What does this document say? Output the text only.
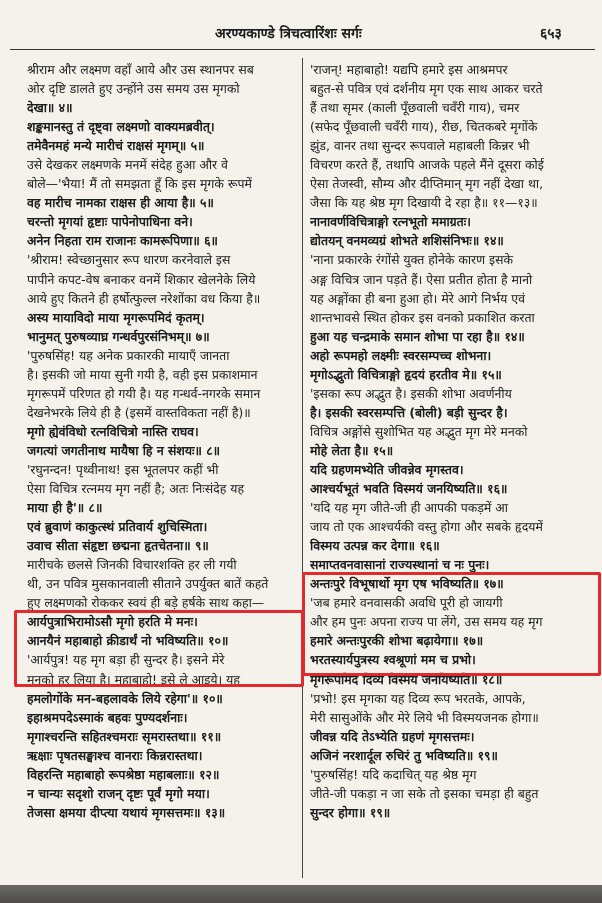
अरण्यकाण्डे त्रिचत्वारिंशः सर्गः	६५३

श्रीराम और लक्ष्मण वहाँ आये और उस स्थानपर सब

ओर दृष्टि डालते हुए उन्होंने उस समय उस मृगको

देखा॥ ४॥

शङ्कमानस्तु तं दृष्ट्वा लक्ष्मणो वाक्यमब्रवीत्।

तमेवैनमहं मन्ये मारीचं राक्षसं मृगम्॥ ५॥

उसे देखकर लक्ष्मणके मनमें संदेह हुआ और वे

बोले—'भैया! मैं तो समझता हूँ कि इस मृगके रूपमें

वह मारीच नामका राक्षस ही आया है॥ ५॥

चरन्तो मृगयां हृष्टाः पापेनोपाधिना वने।

अनेन निहता राम राजानः कामरूपिणा॥ ६॥

'श्रीराम! स्वेच्छानुसार रूप धारण करनेवाले इस

पापीने कपट-वेष बनाकर वनमें शिकार खेलनेके लिये

आये हुए कितने ही हर्षोत्फुल्ल नरेशोंका वध किया है॥

अस्य मायाविदो माया मृगरूपमिदं कृतम्।

भानुमत् पुरुषव्याघ्र गन्धर्वपुरसंनिभम्॥ ७॥

'पुरुषसिंह! यह अनेक प्रकारकी मायाएँ जानता

है। इसकी जो माया सुनी गयी है, वही इस प्रकाशमान

मृगरूपमें परिणत हो गयी है। यह गन्धर्व-नगरके समान

देखनेभरके लिये ही है (इसमें वास्तविकता नहीं है)॥

मृगो ह्येवंविधो रत्नविचित्रो नास्ति राघव।

जगत्यां जगतीनाथ मायैषा हि न संशयः॥ ८॥

'रघुनन्दन! पृथ्वीनाथ! इस भूतलपर कहीं भी

ऐसा विचित्र रत्नमय मृग नहीं है; अतः निःसंदेह यह

माया ही है'॥ ८॥

एवं ब्रुवाणं काकुत्स्थं प्रतिवार्य शुचिस्मिता।

उवाच सीता संहृष्टा छद्मना हृतचेतना॥ ९॥

मारीचके छलसे जिनकी विचारशक्ति हर ली गयी

थी, उन पवित्र मुसकानवाली सीताने उपर्युक्त बातें कहते

हुए लक्ष्मणको रोककर स्वयं ही बड़े हर्षके साथ कहा—

आर्यपुत्राभिरामोऽसौ मृगो हरति मे मनः।

आनयैनं महाबाहो क्रीडार्थं नो भविष्यति॥ १०॥

'आर्यपुत्र! यह मृग बड़ा ही सुन्दर है। इसने मेरे

मनको हर लिया है। महाबाहो! इसे ले आइये। यह

हमलोगोंके मन-बहलावके लिये रहेगा'॥ १०॥

इहाश्रमपदेऽस्माकं बहवः पुण्यदर्शनाः।

मृगाश्चरन्ति सहितश्चमराः सृमरास्तथा॥ ११॥

ऋक्षाः पृषतसङ्घाश्च वानराः किन्नरास्तथा।

विहरन्ति महाबाहो रूपश्रेष्ठा महाबलाः॥ १२॥

न चान्यः सदृशो राजन् दृष्टः पूर्वं मृगो मया।

तेजसा क्षमया दीप्त्या यथायं मृगसत्तमः॥ १३॥

'राजन्! महाबाहो! यद्यपि हमारे इस आश्रमपर

बहुत-से पवित्र एवं दर्शनीय मृग एक साथ आकर चरते

हैं तथा सृमर (काली पूँछवाली चवँरी गाय), चमर

(सफेद पूँछवाली चवँरी गाय), रीछ, चितकबरे मृगोंके

झुंड, वानर तथा सुन्दर रूपवाले महाबली किन्नर भी

विचरण करते हैं, तथापि आजके पहले मैंने दूसरा कोई

ऐसा तेजस्वी, सौम्य और दीप्तिमान् मृग नहीं देखा था,

जैसा कि यह श्रेष्ठ मृग दिखायी दे रहा है॥ ११—१३॥

नानावर्णविचित्राङ्गो रत्नभूतो ममाग्रतः।

द्योतयन् वनमव्यग्रं शोभते शशिसंनिभः॥ १४॥

'नाना प्रकारके रंगोंसे युक्त होनेके कारण इसके

अङ्ग विचित्र जान पड़ते हैं। ऐसा प्रतीत होता है मानो

यह अङ्गोंका ही बना हुआ हो। मेरे आगे निर्भय एवं

शान्तभावसे स्थित होकर इस वनको प्रकाशित करता

हुआ यह चन्द्रमाके समान शोभा पा रहा है॥ १४॥

अहो रूपमहो लक्ष्मीः स्वरसम्पच्च शोभना।

मृगोऽद्भुतो विचित्राङ्गो हृदयं हरतीव मे॥ १५॥

'इसका रूप अद्भुत है। इसकी शोभा अवर्णनीय

है। इसकी स्वरसम्पत्ति (बोली) बड़ी सुन्दर है।

विचित्र अङ्गोंसे सुशोभित यह अद्भुत मृग मेरे मनको

मोहे लेता है॥ १५॥

यदि ग्रहणमभ्येति जीवन्नेव मृगस्तव।

आश्चर्यभूतं भवति विस्मयं जनयिष्यति॥ १६॥

'यदि यह मृग जीते-जी ही आपकी पकड़में आ

जाय तो एक आश्चर्यकी वस्तु होगा और सबके हृदयमें

विस्मय उत्पन्न कर देगा॥ १६॥

समाप्तवनवासानां राज्यस्थानां च नः पुनः।

अन्तःपुरे विभूषार्थो मृग एष भविष्यति॥ १७॥

'जब हमारे वनवासकी अवधि पूरी हो जायगी

और हम पुनः अपना राज्य पा लेंगे, उस समय यह मृग

हमारे अन्तःपुरकी शोभा बढ़ायेगा॥ १७॥

भरतस्यार्यपुत्रस्य श्वश्रूणां मम च प्रभो।

मृगरूपमिदं दिव्यं विस्मयं जनयिष्यति॥ १८॥

'प्रभो! इस मृगका यह दिव्य रूप भरतके, आपके,

मेरी सासुओंके और मेरे लिये भी विस्मयजनक होगा॥

जीवन्न यदि तेऽभ्येति ग्रहणं मृगसत्तमः।

अजिनं नरशार्दूल रुचिरं तु भविष्यति॥ १९॥

'पुरुषसिंह! यदि कदाचित् यह श्रेष्ठ मृग

जीते-जी पकड़ा न जा सके तो इसका चमड़ा ही बहुत

सुन्दर होगा॥ १९॥
